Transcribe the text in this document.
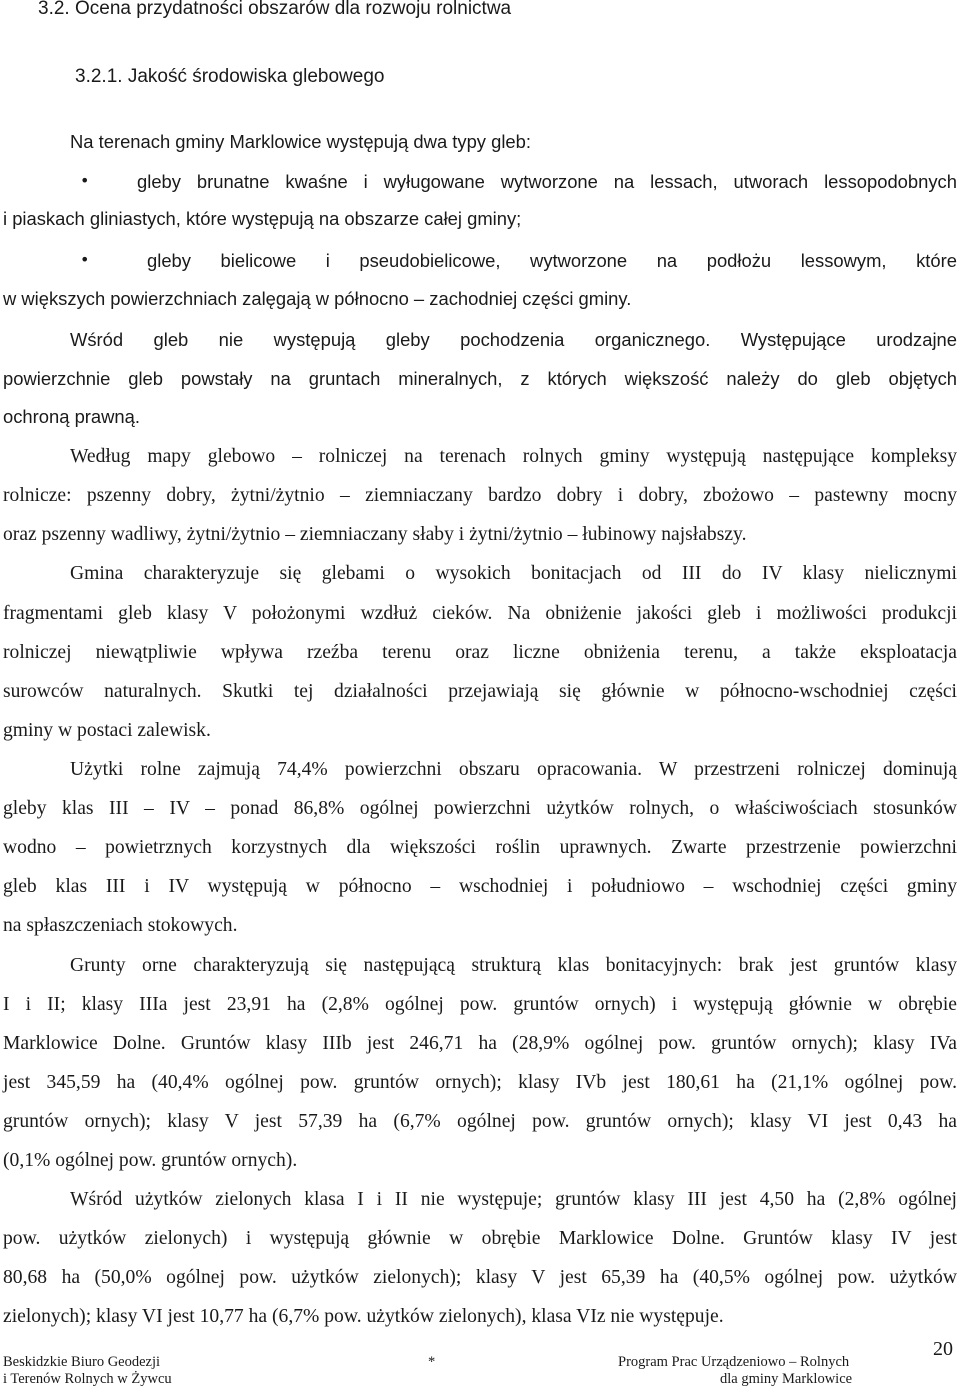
3.2. Ocena przydatności obszarów dla rozwoju rolnictwa
3.2.1. Jakość środowiska glebowego
Na terenach gminy Marklowice występują dwa typy gleb:
•	gleby brunatne kwaśne i wyługowane wytworzone na lessach, utworach lessopodobnych
i piaskach gliniastych, które występują na obszarze całej gminy;
•	gleby bielicowe i pseudobielicowe, wytworzone na podłożu lessowym, które
w większych powierzchniach zalęgają w północno – zachodniej części gminy.
Wśród gleb nie występują gleby pochodzenia organicznego. Występujące urodzajne
powierzchnie gleb powstały na gruntach mineralnych, z których większość należy do gleb objętych
ochroną prawną.
Według mapy glebowo – rolniczej na terenach rolnych gminy występują następujące kompleksy
rolnicze: pszenny dobry, żytni/żytnio – ziemniaczany bardzo dobry i dobry, zbożowo – pastewny mocny
oraz pszenny wadliwy, żytni/żytnio – ziemniaczany słaby i żytni/żytnio – łubinowy najsłabszy.
Gmina charakteryzuje się glebami o wysokich bonitacjach od III do IV klasy nielicznymi
fragmentami gleb klasy V położonymi wzdłuż cieków. Na obniżenie jakości gleb i możliwości produkcji
rolniczej niewątpliwie wpływa rzeźba terenu oraz liczne obniżenia terenu, a także eksploatacja
surowców naturalnych. Skutki tej działalności przejawiają się głównie w północno-wschodniej części
gminy w postaci zalewisk.
Użytki rolne zajmują 74,4% powierzchni obszaru opracowania. W przestrzeni rolniczej dominują
gleby klas III – IV – ponad 86,8% ogólnej powierzchni użytków rolnych, o właściwościach stosunków
wodno – powietrznych korzystnych dla większości roślin uprawnych. Zwarte przestrzenie powierzchni
gleb klas III i IV występują w północno – wschodniej i południowo – wschodniej części gminy
na spłaszczeniach stokowych.
Grunty orne charakteryzują się następującą strukturą klas bonitacyjnych: brak jest gruntów klasy
I i II; klasy IIIa jest 23,91 ha (2,8% ogólnej pow. gruntów ornych) i występują głównie w obrębie
Marklowice Dolne. Gruntów klasy IIIb jest 246,71 ha (28,9% ogólnej pow. gruntów ornych); klasy IVa
jest 345,59 ha (40,4% ogólnej pow. gruntów ornych); klasy IVb jest 180,61 ha (21,1% ogólnej pow.
gruntów ornych); klasy V jest 57,39 ha (6,7% ogólnej pow. gruntów ornych); klasy VI jest 0,43 ha
(0,1% ogólnej pow. gruntów ornych).
Wśród użytków zielonych klasa I i II nie występuje; gruntów klasy III jest 4,50 ha (2,8% ogólnej
pow. użytków zielonych) i występują głównie w obrębie Marklowice Dolne. Gruntów klasy IV jest
80,68 ha (50,0% ogólnej pow. użytków zielonych); klasy V jest 65,39 ha (40,5% ogólnej pow. użytków
zielonych); klasy VI jest 10,77 ha (6,7% pow. użytków zielonych), klasa VIz nie występuje.
20
Beskidzkie Biuro Geodezji
i Terenów Rolnych w Żywcu
*	Program Prac Urządzeniowo – Rolnych
dla gminy Marklowice
